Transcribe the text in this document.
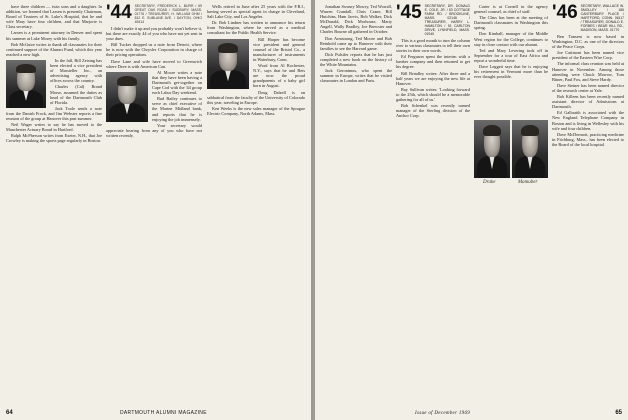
have three children — twin sons and a daughter. In addition, we learned that Larsen is presently Chairman, Board of Trustees of St. Luke's Hospital, that he and wife Mary have four children, and that Marjorie is Class secretary.

Larsen is a prominent attorney in Denver and spent his summer at Lake Morey with his family.

Bob McGuire writes to thank all classmates for their continued support of the Alumni Fund, which this year reached a new high.

In the fall, Bill Zeising has been elected a vice president of Marsteller Inc., an advertising agency with offices across the country.

Charles (Cal) Brand Morse, assumed the duties as head of the Dartmouth Club of Florida.

Jack Toole sends a note from the Danish Frock, and Jim Webster reports a fine reunion of the group at Hanover this past summer.

Neil Wager writes to say he has moved to the Manchester Actuary Board in Hartford.

Ralph McPherson writes from Exeter, N.H., that Joe Crowley is making the sports page regularly in Boston.

'44 SECRETARY, FREDERICK L. BURR / 69 GREAT OAK ROAD / SUDBURY, MASS. 01776 / TREASURER, H. WILLIAM OHM / 812 E. SUBLANE AVE. / DAYTON, OHIO 45414

I didn't make it up and you probably won't believe it, but there are exactly 44 of you who have not yet sent in your dues.

Bill Tucker dropped us a note from Detroit, where he is now with the Chrysler Corporation in charge of their pricing operations.

Dave Lane and wife have moved to Greenwich where Dave is with American Can.

Al Moore writes a note that they have been having a Dartmouth get-together on Cape Cod with the '44 group each Labor Day weekend.

Bud Bailey continues to serve as chief executive of the Marine Midland bank, and reports that he is enjoying the job immensely.

Your secretary would appreciate hearing from any of you who have not written recently.

Wells retired in June after 25 years with the F.B.I., having served as special agent in charge in Cleveland, Salt Lake City, and Los Angeles.

Dr. Bob Lindner has written to announce his return from Washington, where he served as a medical consultant for the Public Health Service.

Bill Harper has become vice president and general counsel of the Bristol Co., a manufacturer of instruments in Waterbury, Conn.

Word from Al Rochester, N.Y., says that he and Bets are now the proud grandparents of a baby girl born in August.

Doug Dalzell is on sabbatical from the faculty of the University of Colorado this year, traveling in Europe.

Ken Weeks is the new sales manager of the Sprague Electric Company, North Adams, Mass.

64	DARTMOUTH ALUMNI MAGAZINE

Jonathan Swasey Mowry, Ted Worrall, Warren Crandall, Chris Crane, Bill Hutchins, Ham Jarvis, Bob Walker, Dick McDonald, Dick Morhouse, Marty Angell, Wally Bradley, Joe Brewster and Charles Bourne all gathered in October.

Don Armstrong, Ted Moore and Bob Reinhold came up to Hanover with their families to see the Harvard game.

Dick Pulsifer reports that he has just completed a new book on the history of the White Mountains.

Jack Geronimus, who spent the summer in Europe, writes that he visited classmates in London and Paris.

'45 SECRETARY, DR. DONALD E. COLE, JR. / 53 COTTAGE FARM RD. / BROOKLINE, MASS. 02146 / TREASURER, HARRY L. HAMILTON / 51 CARLTON DRIVE, LYNNFIELD, MASS. 01940

This is a good month to turn the column over to various classmates to tell their own stories in their own words.

Ed Ferguson spent the interim with a lumber company and then returned to get his degree.

Bill Brindley writes: After three and a half years we are enjoying the new life at Hanover.

Ray Sullivan writes: 'Looking forward to the 25th, which should be a memorable gathering for all of us.'

Bob Schenkel was recently named manager of the Sterling division of the Anchor Corp.

Carter is at Cornell in the agency general counsel, as chief of staff.

The Class has been at the meeting of Dartmouth classmates in Washington this spring.

Don Kimball, manager of the Middle West region for the College, continues to stay in close contact with our alumni.

Ted and Mary Levering took off in September for a tour of East Africa and report a wonderful time.

Dave Leggett says that he is enjoying his retirement in Vermont more than he ever thought possible.

Drake	Mamuber
'46 SECRETARY, WALLACE W. SMOLLEY / 186 CANTERBURY PLACE / HARTFORD, CONN. 06117 / TREASURER, DONALD E. FORBES / BEAR HILL RD., MADISON, MASS. 01770

Ben Tansem is now based in Washington, D.C. as one of the directors of the Peace Corps.

Joe Cattinoni has been named vice president of the Eastern Wire Corp.

The informal class reunion was held at Hanover in November. Among those attending were Chuck Morrow, Tom Bitner, Paul Fox, and Steve Hardy.

Dave Steiner has been named director of the research center at Yale.

Bob Killeen has been recently named assistant director of Admissions at Dartmouth.

Ed Galbraith is associated with the New England Telephone Company in Boston and is living in Wellesley with his wife and four children.

Dave McDermott, practicing medicine in Fitchburg, Mass., has been elected to the Board of the local hospital.

Issue of December 1969	65
